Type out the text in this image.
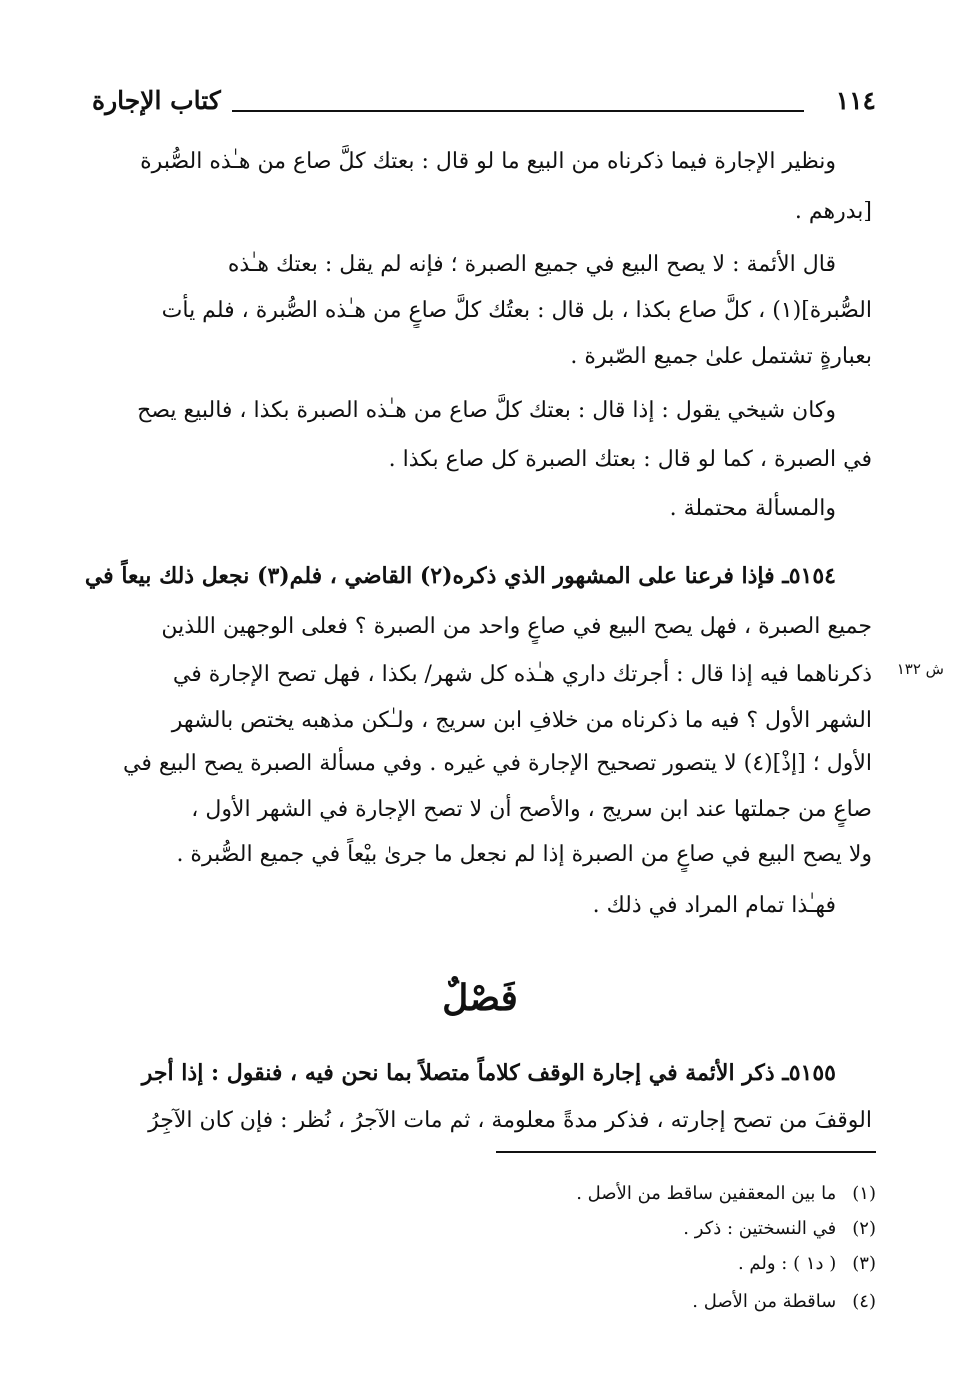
١١٤
كتاب الإجارة
ونظير الإجارة فيما ذكرناه من البيع ما لو قال : بعتك كلَّ صاع من هـٰذه الصُّبرة
[بدرهم .
قال الأئمة : لا يصح البيع في جميع الصبرة ؛ فإنه لم يقل : بعتك هـٰذه
الصُّبرة](١) ، كلَّ صاع بكذا ، بل قال : بعتُك كلَّ صاعٍ من هـٰذه الصُّبرة ، فلم يأت
بعبارةٍ تشتمل علىٰ جميع الصّبرة .
وكان شيخي يقول : إذا قال : بعتك كلَّ صاع من هـٰذه الصبرة بكذا ، فالبيع يصح
في الصبرة ، كما لو قال : بعتك الصبرة كل صاع بكذا .
والمسألة محتملة .
٥١٥٤ـ فإذا فرعنا على المشهور الذي ذكره(٢) القاضي ، فلم(٣) نجعل ذلك بيعاً في
جميع الصبرة ، فهل يصح البيع في صاعٍ واحد من الصبرة ؟ فعلى الوجهين اللذين
ذكرناهما فيه إذا قال : أجرتك داري هـٰذه كل شهر/ بكذا ، فهل تصح الإجارة في
الشهر الأول ؟ فيه ما ذكرناه من خلافِ ابن سريج ، ولـٰكن مذهبه يختص بالشهر
الأول ؛ [إذْ](٤) لا يتصور تصحيح الإجارة في غيره . وفي مسألة الصبرة يصح البيع في
صاعٍ من جملتها عند ابن سريج ، والأصح أن لا تصح الإجارة في الشهر الأول ،
ولا يصح البيع في صاعٍ من الصبرة إذا لم نجعل ما جرىٰ بيْعاً في جميع الصُّبرة .
فهـٰذا تمام المراد في ذلك .
ش ١٣٢
فَصْلٌ
٥١٥٥ـ ذكر الأئمة في إجارة الوقف كلاماً متصلاً بما نحن فيه ، فنقول : إذا أجر
الوقفَ من تصح إجارته ، فذكر مدةً معلومة ، ثم مات الآجرُ ، نُظر : فإن كان الآجِرُ
(١) ما بين المعقفين ساقط من الأصل .
(٢) في النسختين : ذكر .
(٣) ( د١ ) : ولم .
(٤) ساقطة من الأصل .
